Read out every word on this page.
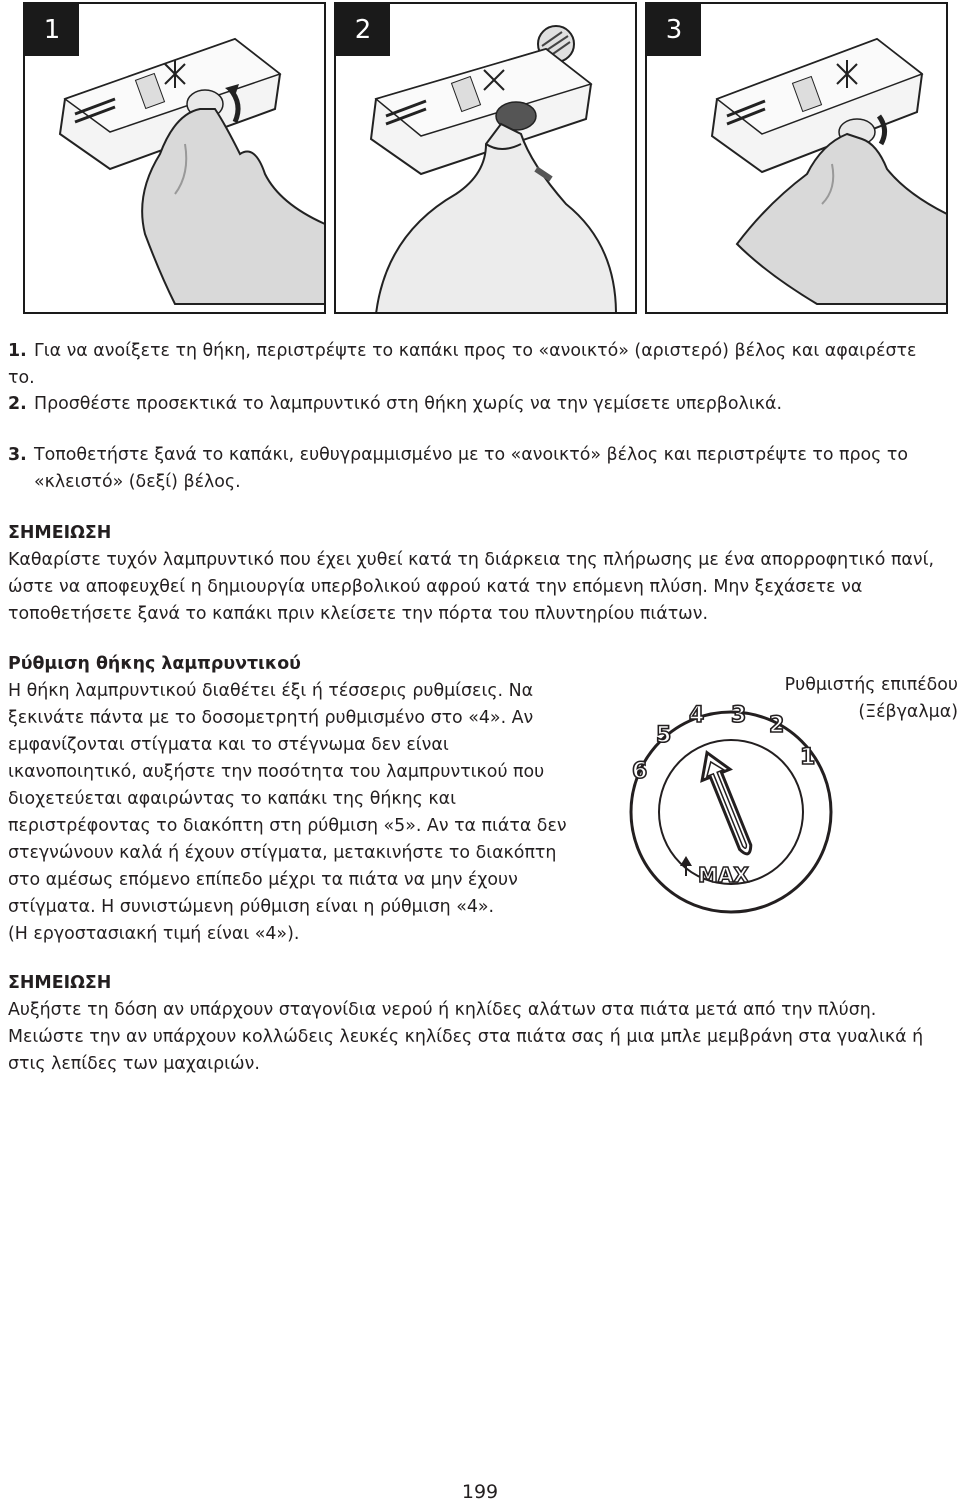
1	2	3
1. Για να ανοίξετε τη θήκη, περιστρέψτε το καπάκι προς το «ανοικτό» (αριστερό) βέλος και αφαιρέστε το.
2. Προσθέστε προσεκτικά το λαμπρυντικό στη θήκη χωρίς να την γεμίσετε υπερβολικά.
3. Τοποθετήστε ξανά το καπάκι, ευθυγραμμισμένο με το «ανοικτό» βέλος και περιστρέψτε το προς το
«κλειστό» (δεξί) βέλος.
ΣΗΜΕΙΩΣΗ
Καθαρίστε τυχόν λαμπρυντικό που έχει χυθεί κατά τη διάρκεια της πλήρωσης με ένα απορροφητικό πανί,
ώστε να αποφευχθεί η δημιουργία υπερβολικού αφρού κατά την επόμενη πλύση. Μην ξεχάσετε να
τοποθετήσετε ξανά το καπάκι πριν κλείσετε την πόρτα του πλυντηρίου πιάτων.
Ρύθμιση θήκης λαμπρυντικού
Η θήκη λαμπρυντικού διαθέτει έξι ή τέσσερις ρυθμίσεις. Να
ξεκινάτε πάντα με το δοσομετρητή ρυθμισμένο στο «4». Αν
εμφανίζονται στίγματα και το στέγνωμα δεν είναι
ικανοποιητικό, αυξήστε την ποσότητα του λαμπρυντικού που
διοχετεύεται αφαιρώντας το καπάκι της θήκης και
περιστρέφοντας το διακόπτη στη ρύθμιση «5». Αν τα πιάτα δεν
στεγνώνουν καλά ή έχουν στίγματα, μετακινήστε το διακόπτη
στο αμέσως επόμενο επίπεδο μέχρι τα πιάτα να μην έχουν
στίγματα. Η συνιστώμενη ρύθμιση είναι η ρύθμιση «4».
(Η εργοστασιακή τιμή είναι «4»).
Ρυθμιστής επιπέδου
(Ξέβγαλμα)
1
2
3
4
5
6
MAX
ΣΗΜΕΙΩΣΗ
Αυξήστε τη δόση αν υπάρχουν σταγονίδια νερού ή κηλίδες αλάτων στα πιάτα μετά από την πλύση.
Μειώστε την αν υπάρχουν κολλώδεις λευκές κηλίδες στα πιάτα σας ή μια μπλε μεμβράνη στα γυαλικά ή
στις λεπίδες των μαχαιριών.
199
